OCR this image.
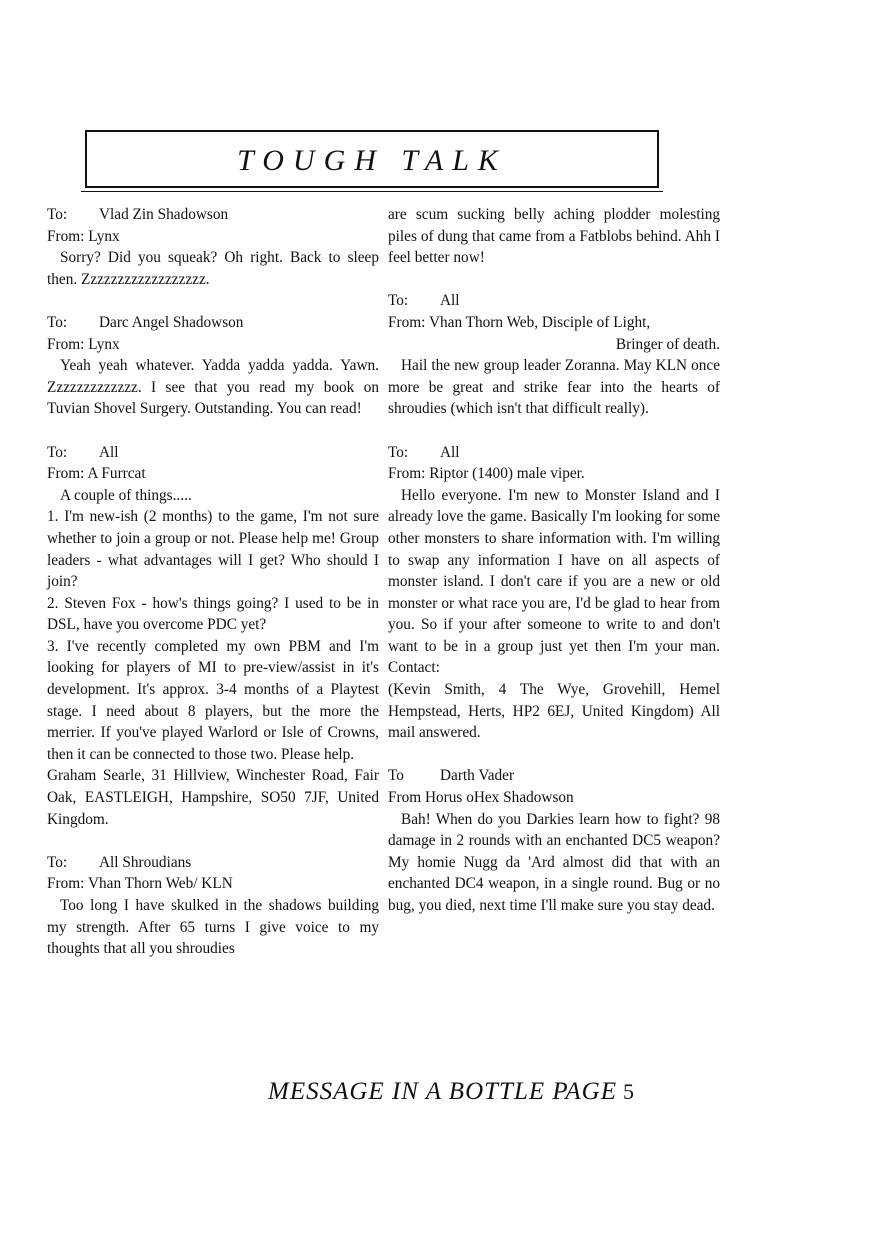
TOUGH TALK
To: Vlad Zin Shadowson
From: Lynx
Sorry? Did you squeak? Oh right. Back to sleep then. Zzzzzzzzzzzzzzzzzz.
To: Darc Angel Shadowson
From: Lynx
Yeah yeah whatever. Yadda yadda yadda. Yawn. Zzzzzzzzzzzzz. I see that you read my book on Tuvian Shovel Surgery. Outstanding. You can read!
To: All
From: A Furrcat
A couple of things.....
1. I'm new-ish (2 months) to the game, I'm not sure whether to join a group or not. Please help me! Group leaders - what advantages will I get? Who should I join?
2. Steven Fox - how's things going? I used to be in DSL, have you overcome PDC yet?
3. I've recently completed my own PBM and I'm looking for players of MI to pre-view/assist in it's development. It's approx. 3-4 months of a Playtest stage. I need about 8 players, but the more the merrier. If you've played Warlord or Isle of Crowns, then it can be connected to those two. Please help.
Graham Searle, 31 Hillview, Winchester Road, Fair Oak, EASTLEIGH, Hampshire, SO50 7JF, United Kingdom.
To: All Shroudians
From: Vhan Thorn Web/ KLN
Too long I have skulked in the shadows building my strength. After 65 turns I give voice to my thoughts that all you shroudies
are scum sucking belly aching plodder molesting piles of dung that came from a Fatblobs behind. Ahh I feel better now!
To: All
From: Vhan Thorn Web, Disciple of Light,
Bringer of death.
Hail the new group leader Zoranna. May KLN once more be great and strike fear into the hearts of shroudies (which isn't that difficult really).
To: All
From: Riptor (1400) male viper.
Hello everyone. I'm new to Monster Island and I already love the game. Basically I'm looking for some other monsters to share information with. I'm willing to swap any information I have on all aspects of monster island. I don't care if you are a new or old monster or what race you are, I'd be glad to hear from you. So if your after someone to write to and don't want to be in a group just yet then I'm your man. Contact:
(Kevin Smith, 4 The Wye, Grovehill, Hemel Hempstead, Herts, HP2 6EJ, United Kingdom) All mail answered.
To Darth Vader
From Horus oHex Shadowson
Bah! When do you Darkies learn how to fight? 98 damage in 2 rounds with an enchanted DC5 weapon? My homie Nugg da 'Ard almost did that with an enchanted DC4 weapon, in a single round. Bug or no bug, you died, next time I'll make sure you stay dead.
MESSAGE IN A BOTTLE PAGE 5
